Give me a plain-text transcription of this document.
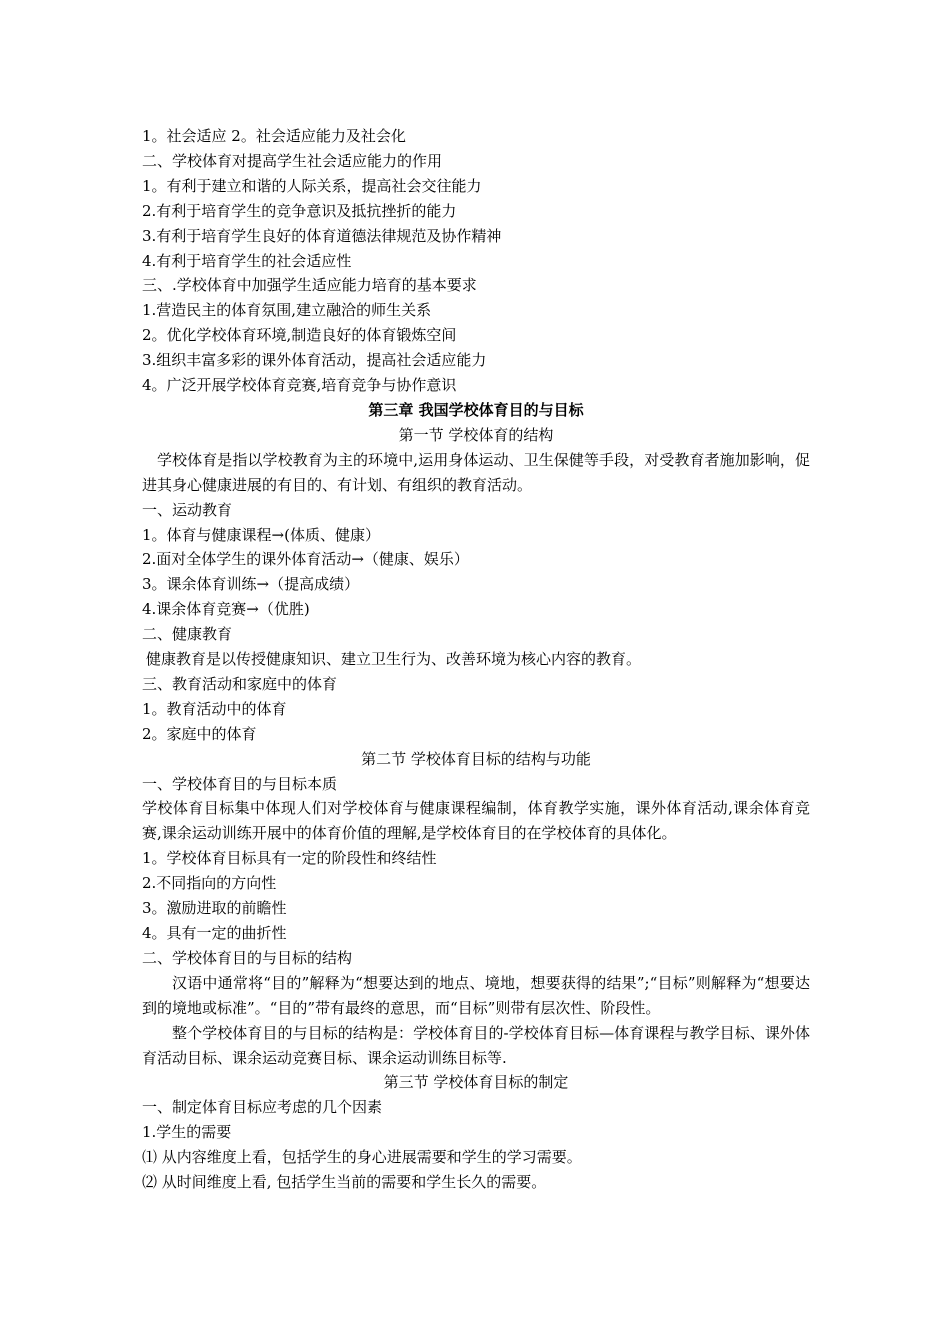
1。社会适应 2。社会适应能力及社会化
二、学校体育对提高学生社会适应能力的作用
1。有利于建立和谐的人际关系，提高社会交往能力
2.有利于培育学生的竞争意识及抵抗挫折的能力
3.有利于培育学生良好的体育道德法律规范及协作精神
4.有利于培育学生的社会适应性
三、.学校体育中加强学生适应能力培育的基本要求
1.营造民主的体育氛围,建立融洽的师生关系
2。优化学校体育环境,制造良好的体育锻炼空间
3.组织丰富多彩的课外体育活动，提高社会适应能力
4。广泛开展学校体育竞赛,培育竞争与协作意识
第三章 我国学校体育目的与目标
第一节 学校体育的结构

学校体育是指以学校教育为主的环境中,运用身体运动、卫生保健等手段，对受教育者施加影响，促进其身心健康进展的有目的、有计划、有组织的教育活动。

一、运动教育
1。体育与健康课程→(体质、健康）
2.面对全体学生的课外体育活动→（健康、娱乐）
3。课余体育训练→（提高成绩）
4.课余体育竞赛→（优胜)
二、健康教育
健康教育是以传授健康知识、建立卫生行为、改善环境为核心内容的教育。
三、教育活动和家庭中的体育
1。教育活动中的体育
2。家庭中的体育
第二节 学校体育目标的结构与功能
一、学校体育目的与目标本质

学校体育目标集中体现人们对学校体育与健康课程编制，体育教学实施，课外体育活动,课余体育竞赛,课余运动训练开展中的体育价值的理解,是学校体育目的在学校体育的具体化。

1。学校体育目标具有一定的阶段性和终结性
2.不同指向的方向性
3。激励进取的前瞻性
4。具有一定的曲折性
二、学校体育目的与目标的结构

汉语中通常将“目的”解释为“想要达到的地点、境地，想要获得的结果”;“目标”则解释为“想要达到的境地或标准”。“目的”带有最终的意思，而“目标”则带有层次性、阶段性。

整个学校体育目的与目标的结构是：学校体育目的-学校体育目标—体育课程与教学目标、课外体育活动目标、课余运动竞赛目标、课余运动训练目标等.

第三节 学校体育目标的制定
一、制定体育目标应考虑的几个因素
1.学生的需要
⑴ 从内容维度上看，包括学生的身心进展需要和学生的学习需要。
⑵ 从时间维度上看, 包括学生当前的需要和学生长久的需要。
